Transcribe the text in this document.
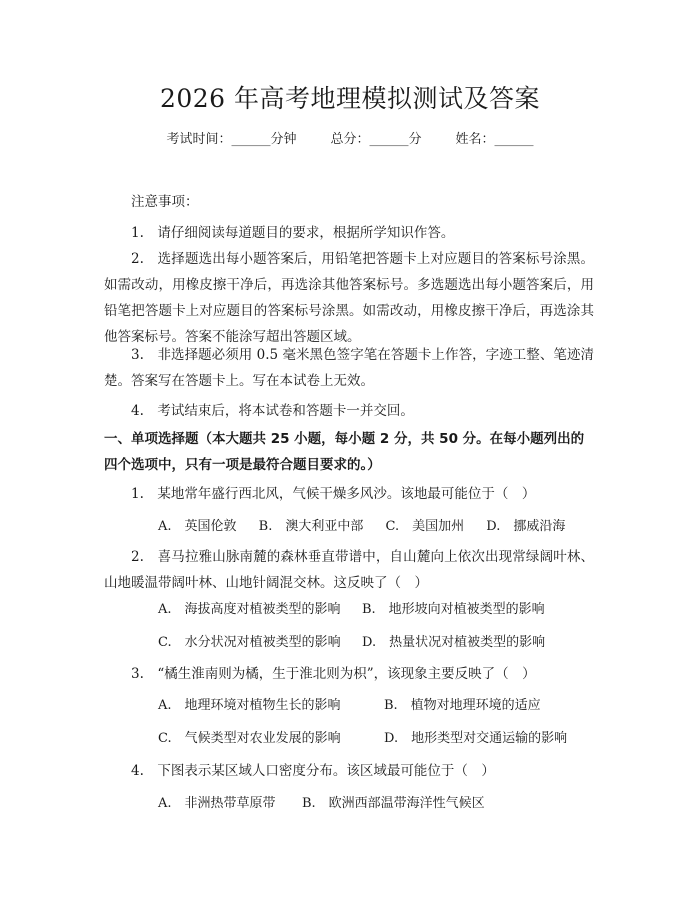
2026 年高考地理模拟测试及答案
考试时间：______分钟	总分：______分	姓名：______
注意事项：
1.　请仔细阅读每道题目的要求，根据所学知识作答。
2.　选择题选出每小题答案后，用铅笔把答题卡上对应题目的答案标号涂黑。如需改动，用橡皮擦干净后，再选涂其他答案标号。多选题选出每小题答案后，用铅笔把答题卡上对应题目的答案标号涂黑。如需改动，用橡皮擦干净后，再选涂其他答案标号。答案不能涂写超出答题区域。
3.　非选择题必须用 0.5 毫米黑色签字笔在答题卡上作答，字迹工整、笔迹清楚。答案写在答题卡上。写在本试卷上无效。
4.　考试结束后，将本试卷和答题卡一并交回。
一、单项选择题（本大题共 25 小题，每小题 2 分，共 50 分。在每小题列出的四个选项中，只有一项是最符合题目要求的。）
1.　某地常年盛行西北风，气候干燥多风沙。该地最可能位于（　）
A.　英国伦敦 B.　澳大利亚中部 C.　美国加州 D.　挪威沿海
2.　喜马拉雅山脉南麓的森林垂直带谱中，自山麓向上依次出现常绿阔叶林、山地暖温带阔叶林、山地针阔混交林。这反映了（　）
A.　海拔高度对植被类型的影响 B.　地形坡向对植被类型的影响
C.　水分状况对植被类型的影响 D.　热量状况对植被类型的影响
3.　“橘生淮南则为橘，生于淮北则为枳”，该现象主要反映了（　）
A.　地理环境对植物生长的影响	B.　植物对地理环境的适应
C.　气候类型对农业发展的影响	D.　地形类型对交通运输的影响
4.　下图表示某区域人口密度分布。该区域最可能位于（　）
A.　非洲热带草原带 B.　欧洲西部温带海洋性气候区
